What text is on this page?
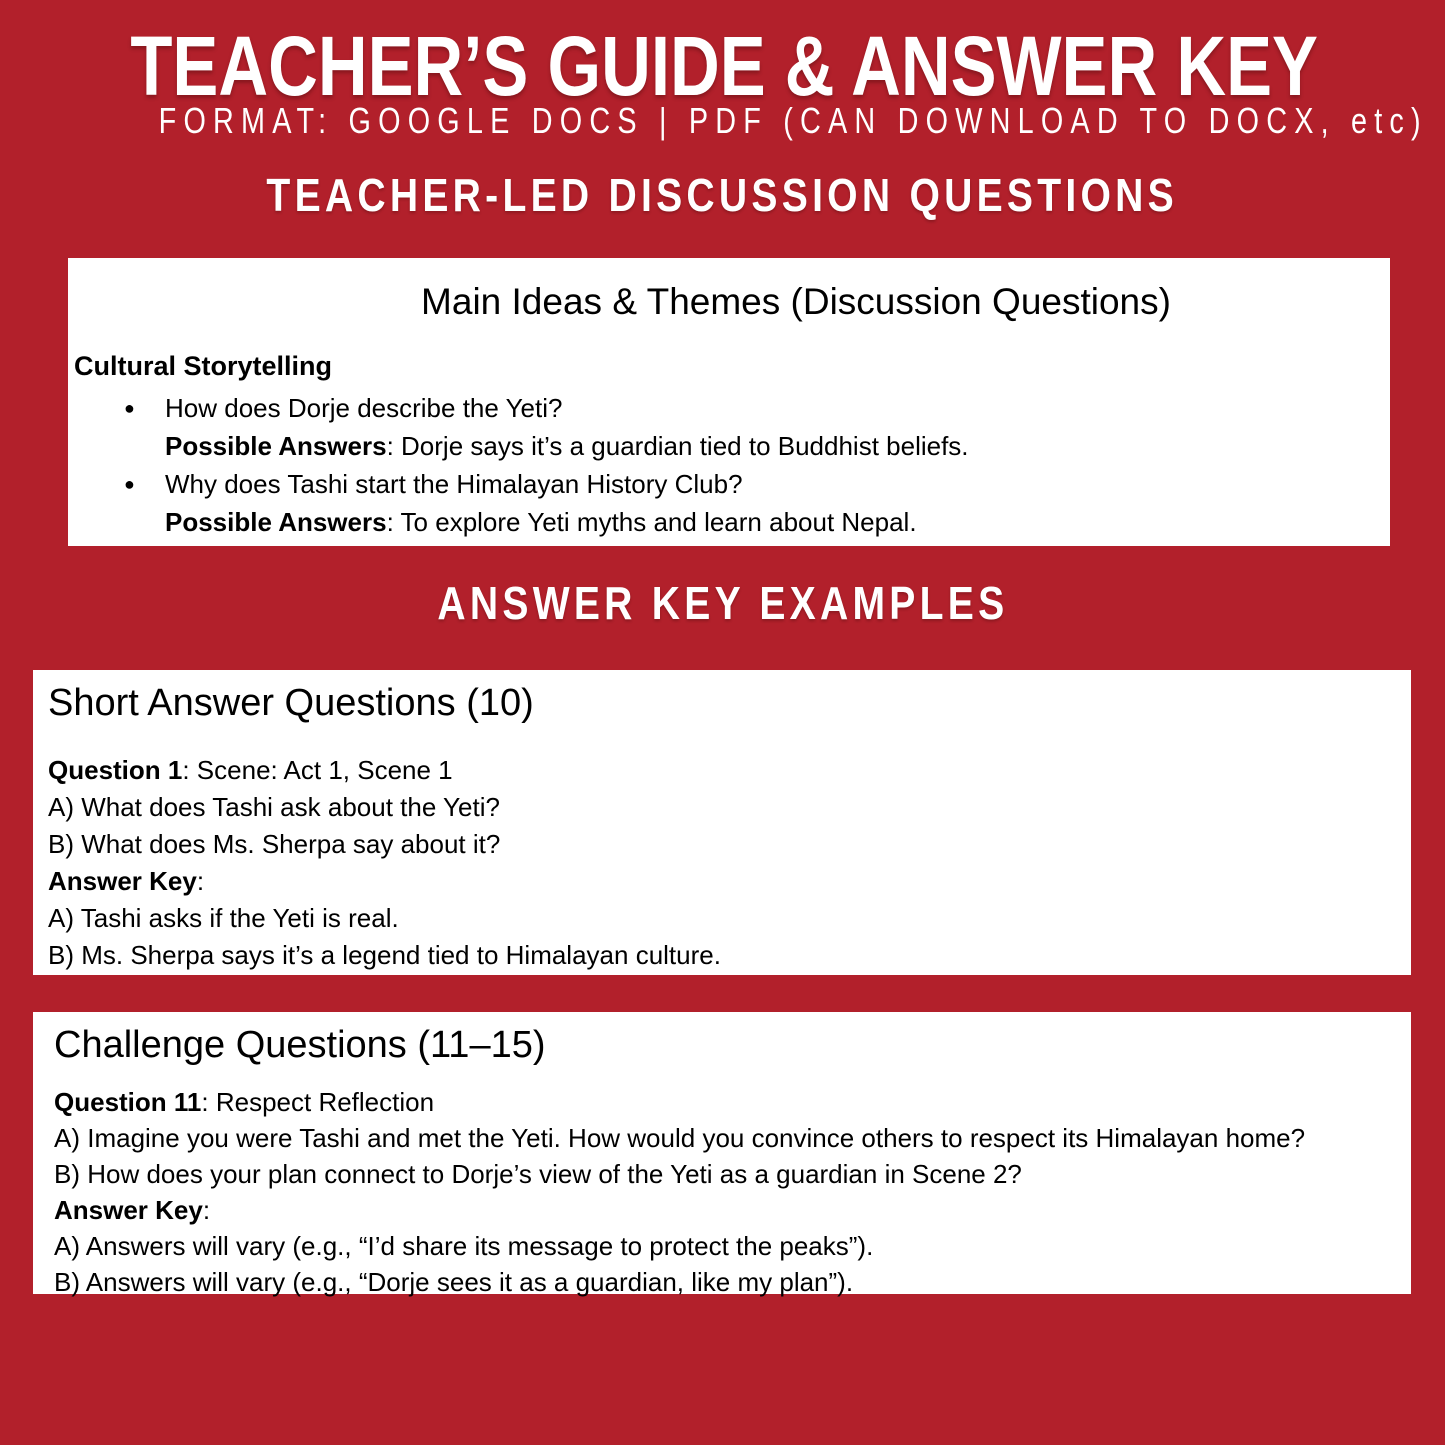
TEACHER’S GUIDE & ANSWER KEY
FORMAT: GOOGLE DOCS | PDF (CAN DOWNLOAD TO DOCX, etc)
TEACHER-LED DISCUSSION QUESTIONS
Main Ideas & Themes (Discussion Questions)
Cultural Storytelling
● How does Dorje describe the Yeti?
Possible Answers: Dorje says it’s a guardian tied to Buddhist beliefs.
● Why does Tashi start the Himalayan History Club?
Possible Answers: To explore Yeti myths and learn about Nepal.
ANSWER KEY EXAMPLES
Short Answer Questions (10)
Question 1: Scene: Act 1, Scene 1
A) What does Tashi ask about the Yeti?
B) What does Ms. Sherpa say about it?
Answer Key:
A) Tashi asks if the Yeti is real.
B) Ms. Sherpa says it’s a legend tied to Himalayan culture.
Challenge Questions (11–15)
Question 11: Respect Reflection
A) Imagine you were Tashi and met the Yeti. How would you convince others to respect its Himalayan home?
B) How does your plan connect to Dorje’s view of the Yeti as a guardian in Scene 2?
Answer Key:
A) Answers will vary (e.g., “I’d share its message to protect the peaks”).
B) Answers will vary (e.g., “Dorje sees it as a guardian, like my plan”).
